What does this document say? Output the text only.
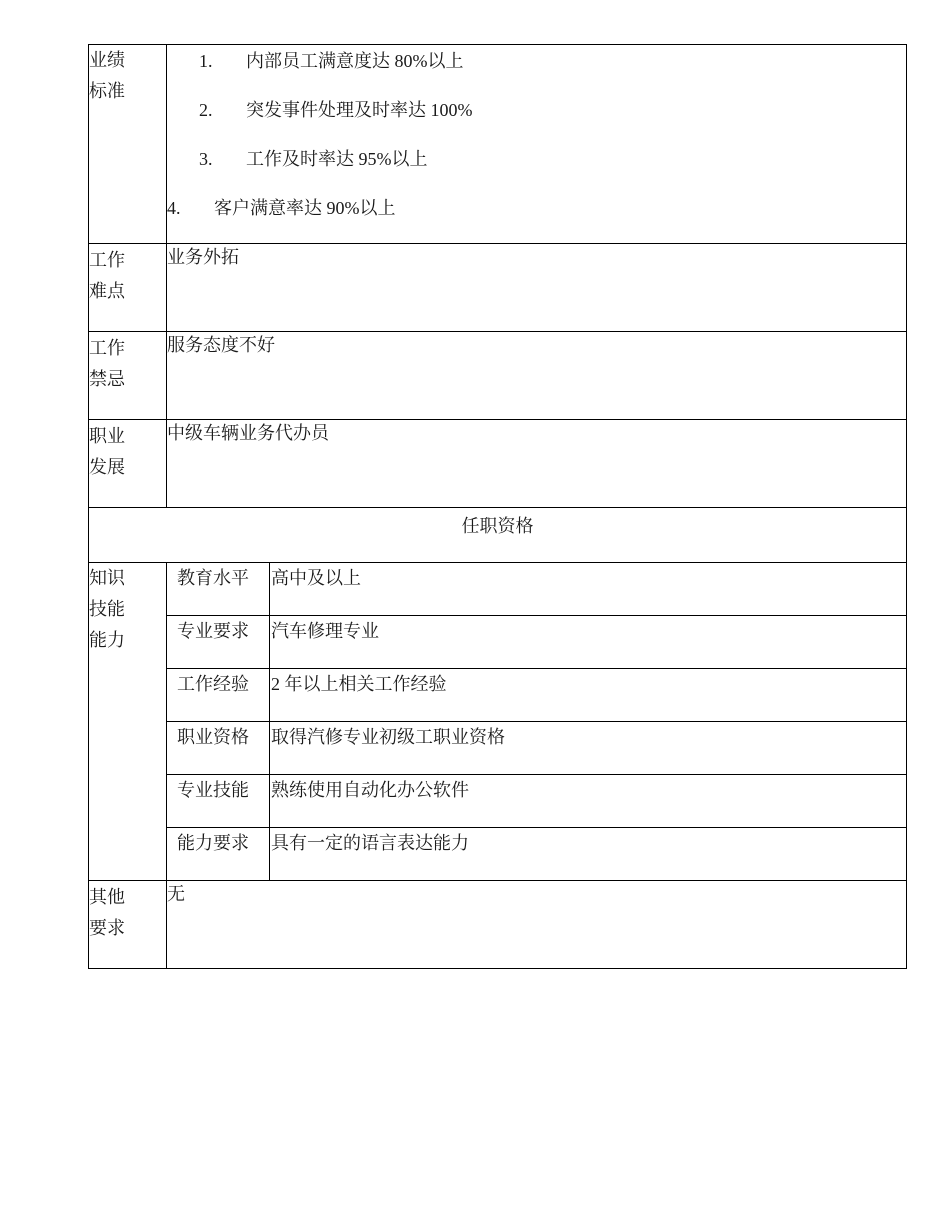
业绩
标准

1.	内部员工满意度达 80%以上
2.	突发事件处理及时率达 100%
3.	工作及时率达 95%以上
4.	客户满意率达 90%以上

工作
难点
	业务外拓

工作
禁忌
	服务态度不好

职业
发展
	中级车辆业务代办员
任职资格

知识
技能
能力

教育水平	高中及以上
专业要求	汽车修理专业
工作经验	2 年以上相关工作经验
职业资格	取得汽修专业初级工职业资格
专业技能	熟练使用自动化办公软件
能力要求	具有一定的语言表达能力

其他
要求
	无
